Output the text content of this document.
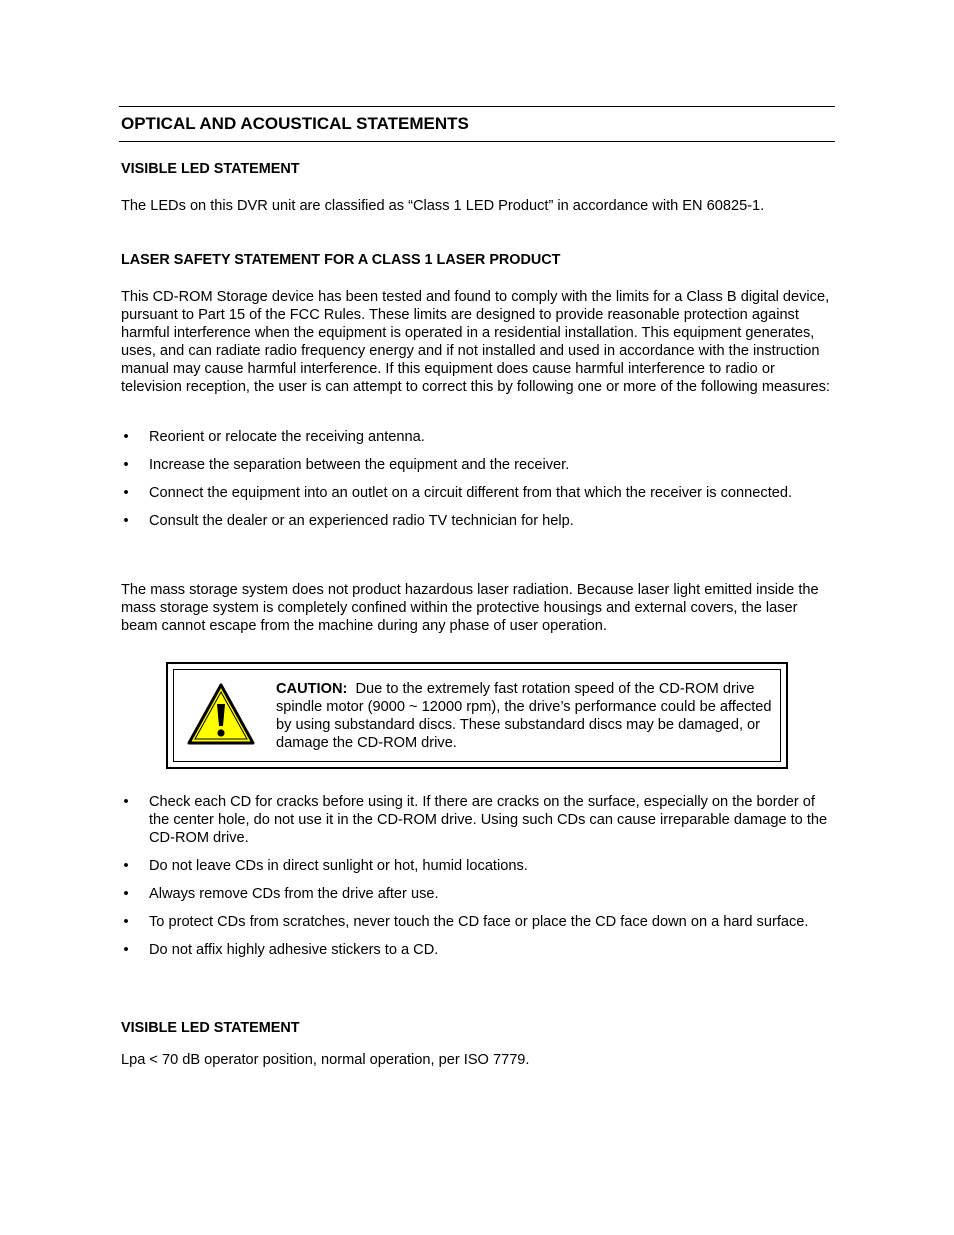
OPTICAL AND ACOUSTICAL STATEMENTS
VISIBLE LED STATEMENT

The LEDs on this DVR unit are classified as “Class 1 LED Product” in accordance with EN 60825-1.

LASER SAFETY STATEMENT FOR A CLASS 1 LASER PRODUCT

This CD-ROM Storage device has been tested and found to comply with the limits for a Class B digital device, pursuant to Part 15 of the FCC Rules. These limits are designed to provide reasonable protection against harmful interference when the equipment is operated in a residential installation. This equipment generates, uses, and can radiate radio frequency energy and if not installed and used in accordance with the instruction manual may cause harmful interference. If this equipment does cause harmful interference to radio or television reception, the user is can attempt to correct this by following one or more of the following measures:

• Reorient or relocate the receiving antenna.
• Increase the separation between the equipment and the receiver.
• Connect the equipment into an outlet on a circuit different from that which the receiver is connected.
• Consult the dealer or an experienced radio TV technician for help.

The mass storage system does not product hazardous laser radiation. Because laser light emitted inside the mass storage system is completely confined within the protective housings and external covers, the laser beam cannot escape from the machine during any phase of user operation.

CAUTION: Due to the extremely fast rotation speed of the CD-ROM drive spindle motor (9000 ~ 12000 rpm), the drive’s performance could be affected by using substandard discs. These substandard discs may be damaged, or damage the CD-ROM drive.

• Check each CD for cracks before using it. If there are cracks on the surface, especially on the border of the center hole, do not use it in the CD-ROM drive. Using such CDs can cause irreparable damage to the CD-ROM drive.
• Do not leave CDs in direct sunlight or hot, humid locations.
• Always remove CDs from the drive after use.
• To protect CDs from scratches, never touch the CD face or place the CD face down on a hard surface.
• Do not affix highly adhesive stickers to a CD.
VISIBLE LED STATEMENT

Lpa < 70 dB operator position, normal operation, per ISO 7779.
